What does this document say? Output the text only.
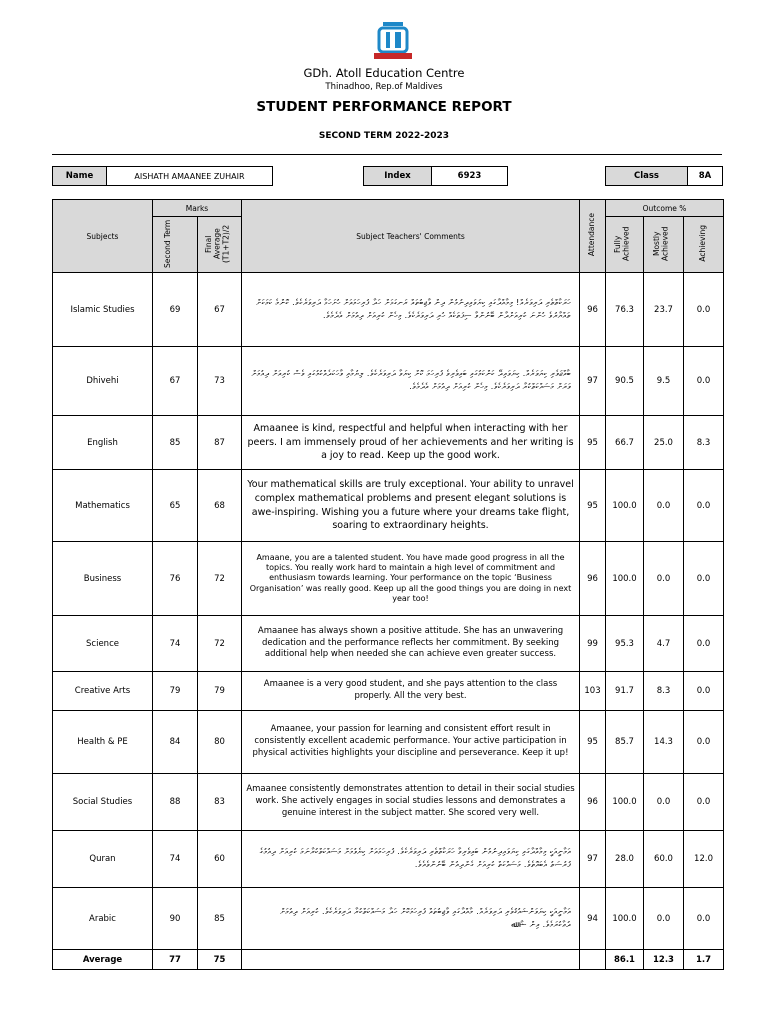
GDh. Atoll Education Centre
Thinadhoo, Rep.of Maldives
STUDENT PERFORMANCE REPORT
SECOND TERM 2022-2023
Name	AISHATH AMAANEE ZUHAIR	Index	6923	Class	8A
Subjects	Marks		Subject Teachers' Comments	Attendance	Outcome %		
	Second Term	Final Average (T1+T2)/2			Fully Achieved	Mostly Achieved	Achieving
Islamic Studies	69	67	ހަރަކާތްތެރި ދަރިވަރެއް! މިމާއްދާގައި ކިޔަވައިދިނުމުން ދިން ވާޖިބުތައް ރަނގަޅަށް ހަދާ ފުރިހަމައަށް ހުށަހަޅާ ދަރިވަރެކެވެ. ކޮންމެ ކަމަކަށް ތައްޔާރުވެ ހުންނަ ކުރިއަށްދާން ބޭނުންވާ ސިފަތަކެއް ހުރި ދަރިވަރެކެވެ. މިހެން ކުރިއަށް ދިއުމަށް އެދެމެވެ.	96	76.3	23.7	0.0
Dhivehi	67	73	ބާއްޖަވެރި ކިޔަވަރެއް. ކިޔަވައިދޭ ކަންކަމުގައި ބައިވެރިވެ ފުރިހަމަ ކޮށް ކިޔަވާ ދަރިވަރެކެވެ. ލިޔުމާއި ވާހަކަދެއްކުމުގައި ވެސް ކުރިއަށް ދިއުމަށް ވަރަށް މަސައްކަތްކުރާ ދަރިވަރެކެވެ. މިހެން ކުރިއަށް ދިއުމަށް އެދެމެވެ.	97	90.5	9.5	0.0
English	85	87	Amaanee is kind, respectful and helpful when interacting with her peers. I am immensely proud of her achievements and her writing is a joy to read. Keep up the good work.	95	66.7	25.0	8.3
Mathematics	65	68	Your mathematical skills are truly exceptional. Your ability to unravel complex mathematical problems and present elegant solutions is awe-inspiring. Wishing you a future where your dreams take flight, soaring to extraordinary heights.	95	100.0	0.0	0.0
Business	76	72	Amaane, you are a talented student. You have made good progress in all the topics. You really work hard to maintain a high level of commitment and enthusiasm towards learning. Your performance on the topic ‘Business Organisation’ was really good. Keep up all the good things you are doing in next year too!	96	100.0	0.0	0.0
Science	74	72	Amaanee has always shown a positive attitude. She has an unwavering dedication and the performance reflects her commitment. By seeking additional help when needed she can achieve even greater success.	99	95.3	4.7	0.0
Creative Arts	79	79	Amaanee is a very good student, and she pays attention to the class properly. All the very best.	103	91.7	8.3	0.0
Health & PE	84	80	Amaanee, your passion for learning and consistent effort result in consistently excellent academic performance. Your active participation in physical activities highlights your discipline and perseverance. Keep it up!	95	85.7	14.3	0.0
Social Studies	88	83	Amaanee consistently demonstrates attention to detail in their social studies work. She actively engages in social studies lessons and demonstrates a genuine interest in the subject matter. She scored very well.	96	100.0	0.0	0.0
Quran	74	60	އަމާނީއަކީ މިމާއްދާގައި ކިޔަވައިދިނުމުން ބައިވެރިވާ ހަރަކާތްތެރި ދަރިވަރެކެވެ. ފުރިހަމައަށް ކިޔެވުމަށް މަސައްކަތްކުރާނަމަ ކުރިއަށް ދިއުމުގެ ފުރުސަތު އެބައޮތެވެ. މަސައްކަތް ކުރިއަށް ގެންދިއުން ބޭނުންވެއެވެ.	97	28.0	60.0	12.0
Arabic	90	85	އަމާނީއަކީ ކިޔަވަންޝައުޤުވެރި ދަރިވަރެއް. މާއްދާގައި ވާޖިބުތައް ފުރިހަމަކޮށް ހަދާ މަސައްކަތްކުރާ ދަރިވަރެކެވެ. ކުރިއަށް ދިއުމަށް ދުޢާކުރަމެވެ. އިން ޝާ ﷲ	94	100.0	0.0	0.0
Average	77	75			86.1	12.3	1.7
